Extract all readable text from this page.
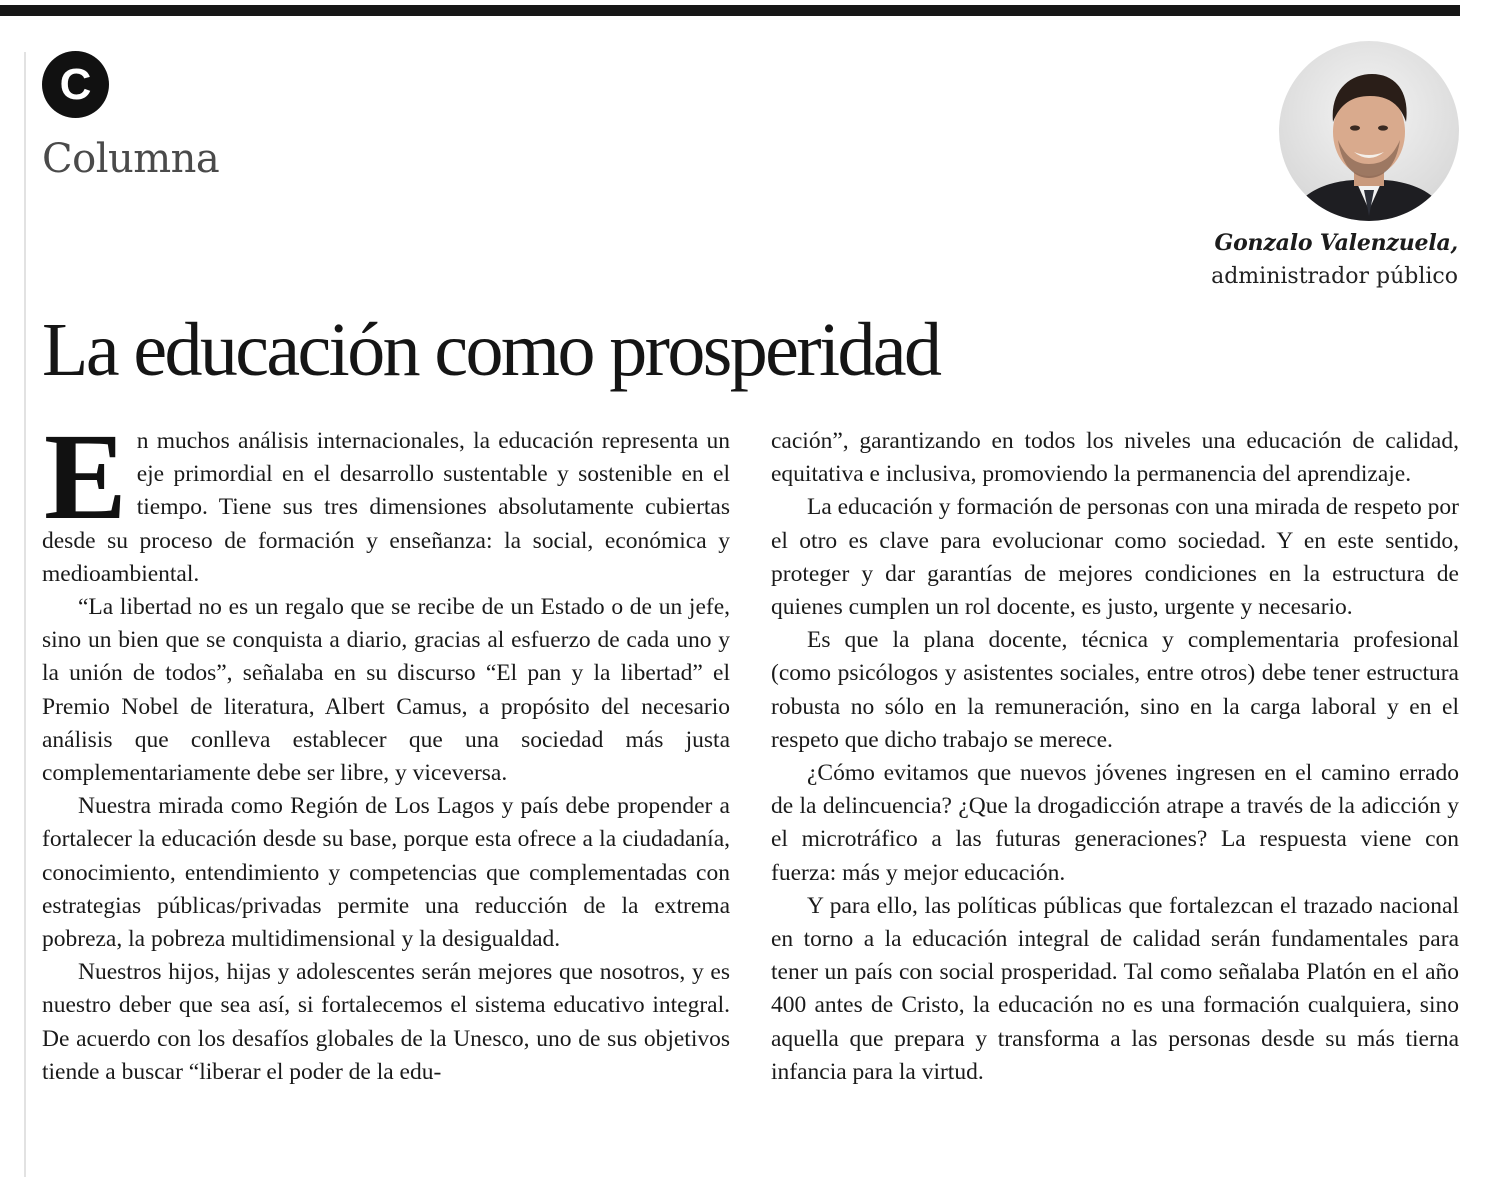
C
Columna
Gonzalo Valenzuela,
administrador público
La educación como prosperidad

En muchos análisis internacionales, la educación representa un eje primordial en el desarrollo sustentable y sostenible en el tiempo. Tiene sus tres dimensiones absolutamente cubiertas desde su proceso de formación y enseñanza: la social, económica y medioambiental.

“La libertad no es un regalo que se recibe de un Estado o de un jefe, sino un bien que se conquista a diario, gracias al esfuerzo de cada uno y la unión de todos”, señalaba en su discurso “El pan y la libertad” el Premio Nobel de literatura, Albert Camus, a propósito del necesario análisis que conlleva establecer que una sociedad más justa complementariamente debe ser libre, y viceversa.

Nuestra mirada como Región de Los Lagos y país debe propender a fortalecer la educación desde su base, porque esta ofrece a la ciudadanía, conocimiento, entendimiento y competencias que complementadas con estrategias públicas/privadas permite una reducción de la extrema pobreza, la pobreza multidimensional y la desigualdad.

Nuestros hijos, hijas y adolescentes serán mejores que nosotros, y es nuestro deber que sea así, si fortalecemos el sistema educativo integral. De acuerdo con los desafíos globales de la Unesco, uno de sus objetivos tiende a buscar “liberar el poder de la edu-

cación”, garantizando en todos los niveles una educación de calidad, equitativa e inclusiva, promoviendo la permanencia del aprendizaje.

La educación y formación de personas con una mirada de respeto por el otro es clave para evolucionar como sociedad. Y en este sentido, proteger y dar garantías de mejores condiciones en la estructura de quienes cumplen un rol docente, es justo, urgente y necesario.

Es que la plana docente, técnica y complementaria profesional (como psicólogos y asistentes sociales, entre otros) debe tener estructura robusta no sólo en la remuneración, sino en la carga laboral y en el respeto que dicho trabajo se merece.

¿Cómo evitamos que nuevos jóvenes ingresen en el camino errado de la delincuencia? ¿Que la drogadicción atrape a través de la adicción y el microtráfico a las futuras generaciones? La respuesta viene con fuerza: más y mejor educación.

Y para ello, las políticas públicas que fortalezcan el trazado nacional en torno a la educación integral de calidad serán fundamentales para tener un país con social prosperidad. Tal como señalaba Platón en el año 400 antes de Cristo, la educación no es una formación cualquiera, sino aquella que prepara y transforma a las personas desde su más tierna infancia para la virtud.
